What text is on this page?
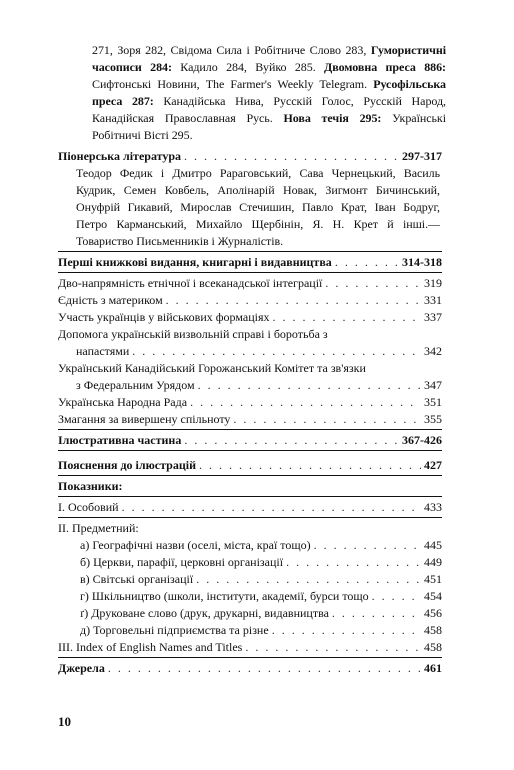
271, Зоря 282, Свідома Сила і Робітниче Слово 283, Гумористичні часописи 284: Кадило 284, Вуйко 285. Двомовна преса 886: Сифтонські Новини, The Farmer's Weekly Telegram. Русофільська преса 287: Канадійська Нива, Русскій Голос, Русскій Народ, Канадійская Православная Русь. Нова течія 295: Українські Робітничі Вісті 295.
Піонерська література . . .	297-317
Теодор Федик і Дмитро Рараговський, Сава Чернецький, Василь Кудрик, Семен Ковбель, Аполінарій Новак, Зигмонт Бичинський, Онуфрій Гикавий, Мирослав Стечишин, Павло Крат, Іван Бодруг, Петро Карманський, Михайло Щербінін, Я. Н. Крет й інші.—Товариство Письменників і Журналістів.
Перші книжкові видання, книгарні і видавництва . . .	314-318
Дво-напрямність етнічної і всеканадської інтеграції . . .	319
Єдність з материком . . .	331
Участь українців у військових формаціях . . .	337
Допомога українській визвольній справі і боротьба з
напастями . . .	342
Український Канадійський Горожанський Комітет та зв'язки
з Федеральним Урядом . . .	347
Українська Народна Рада . . .	351
Змагання за вивершену спільноту . . .	355
Ілюстративна частина . . .	367-426
Пояснення до ілюстрацій . . .	427
Показники:
I. Особовий . . .	433
II. Предметний:
а) Географічні назви (оселі, міста, краї тощо) . . .	445
б) Церкви, парафії, церковні організації . . .	449
в) Світські організації . . .	451
г) Шкільництво (школи, інститути, академії, бурси тощо . . .	454
ґ) Друковане слово (друк, друкарні, видавництва . . .	456
д) Торговельні підприємства та різне . . .	458
III. Index of English Names and Titles . . .	458
Джерела . . .	461
10
